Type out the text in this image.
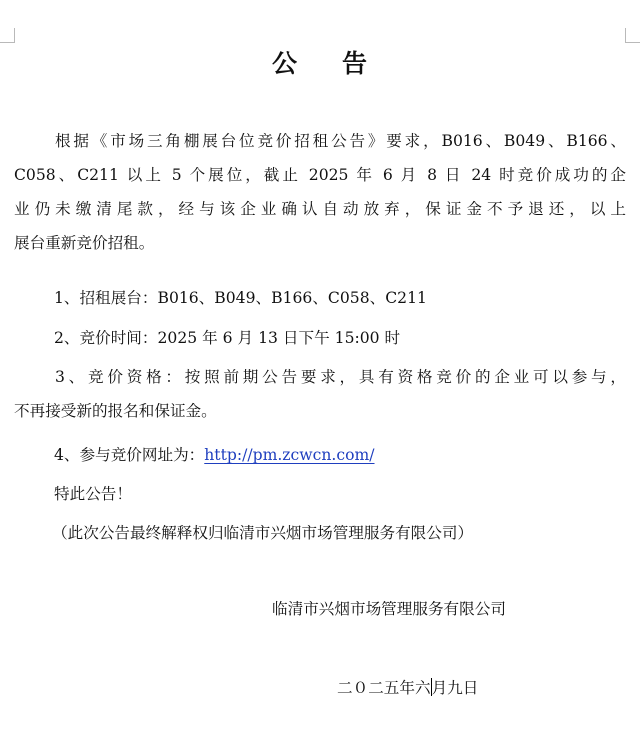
公 告
根据《市场三角棚展台位竞价招租公告》要求，B016、B049、B166、
C058、C211 以上 5 个展位，截止 2025 年 6 月 8 日 24 时竞价成功的企
业仍未缴清尾款，经与该企业确认自动放弃，保证金不予退还，以上
展台重新竞价招租。
1、招租展台：B016、B049、B166、C058、C211
2、竞价时间：2025 年 6 月 13 日下午 15:00 时
3、竞价资格：按照前期公告要求，具有资格竞价的企业可以参与，
不再接受新的报名和保证金。
4、参与竞价网址为：http://pm.zcwcn.com/
特此公告！
（此次公告最终解释权归临清市兴烟市场管理服务有限公司）
临清市兴烟市场管理服务有限公司
二０二五年六月九日
